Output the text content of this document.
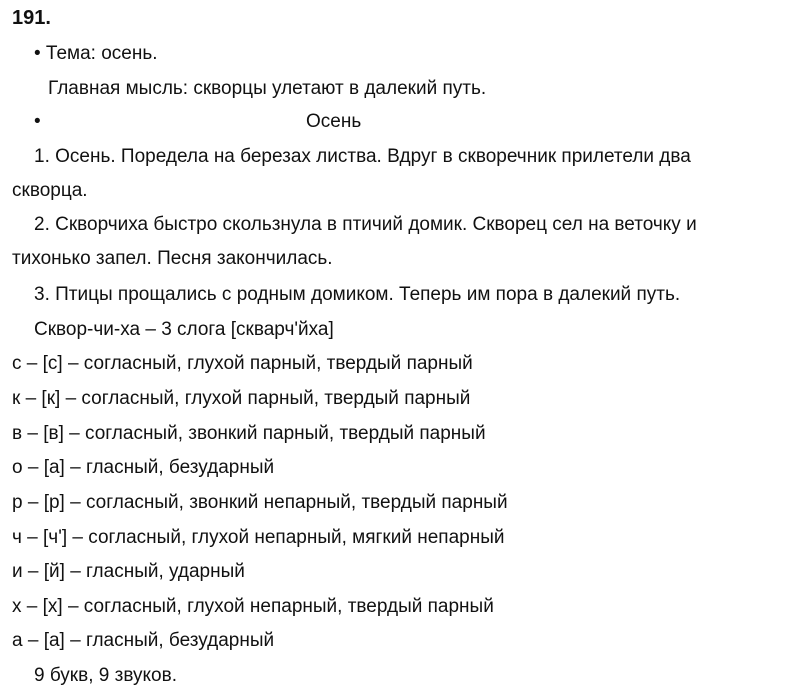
191.
• Тема: осень.
Главная мысль: скворцы улетают в далекий путь.
•	Осень
1. Осень. Поредела на березах листва. Вдруг в скворечник прилетели два
скворца.
2. Скворчиха быстро скользнула в птичий домик. Скворец сел на веточку и
тихонько запел. Песня закончилась.
3. Птицы прощались с родным домиком. Теперь им пора в далекий путь.
Сквор-чи-ха – 3 слога [скварч'йха]
с – [с] – согласный, глухой парный, твердый парный
к – [к] – согласный, глухой парный, твердый парный
в – [в] – согласный, звонкий парный, твердый парный
о – [а] – гласный, безударный
р – [р] – согласный, звонкий непарный, твердый парный
ч – [ч'] – согласный, глухой непарный, мягкий непарный
и – [й] – гласный, ударный
х – [х] – согласный, глухой непарный, твердый парный
а – [а] – гласный, безударный
9 букв, 9 звуков.
